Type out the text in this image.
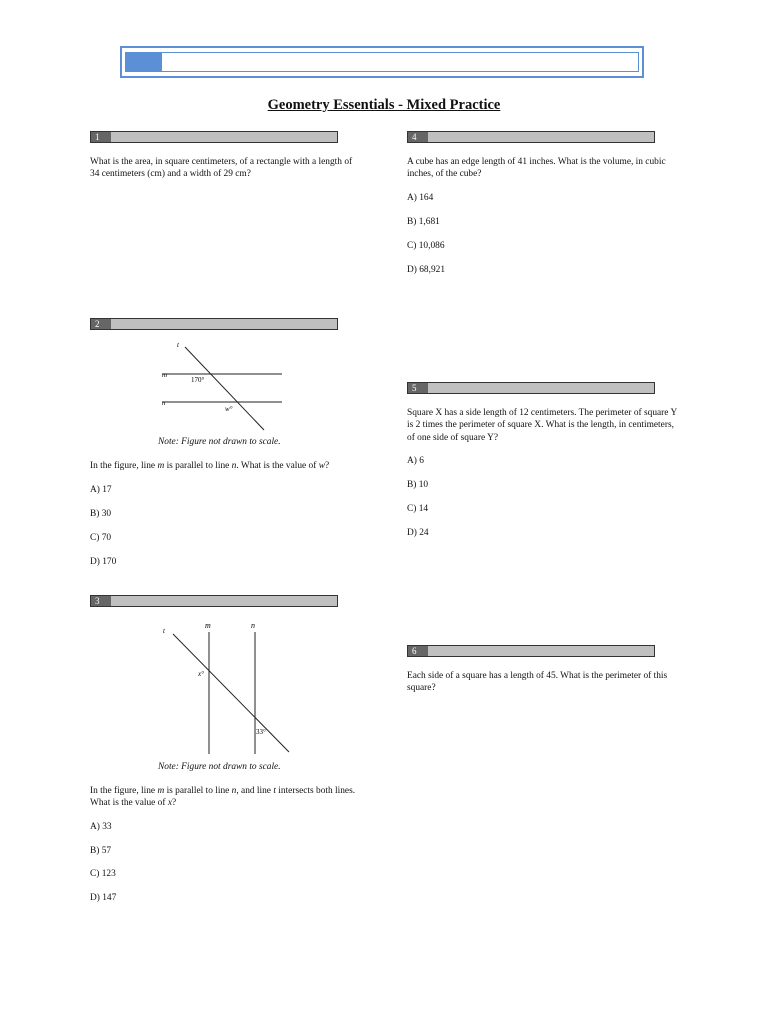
Geometry Essentials - Mixed Practice
1
What is the area, in square centimeters, of a rectangle with a length of 34 centimeters (cm) and a width of 29 cm?
2
t
m
n
170°
w°
Note: Figure not drawn to scale.
In the figure, line m is parallel to line n. What is the value of w?
A) 17
B) 30
C) 70
D) 170
3
t
m	n
x°
33°
Note: Figure not drawn to scale.
In the figure, line m is parallel to line n, and line t intersects both lines. What is the value of x?
A) 33
B) 57
C) 123
D) 147
4
A cube has an edge length of 41 inches. What is the volume, in cubic inches, of the cube?
A) 164
B) 1,681
C) 10,086
D) 68,921
5
Square X has a side length of 12 centimeters. The perimeter of square Y is 2 times the perimeter of square X. What is the length, in centimeters, of one side of square Y?
A) 6
B) 10
C) 14
D) 24
6
Each side of a square has a length of 45. What is the perimeter of this square?
